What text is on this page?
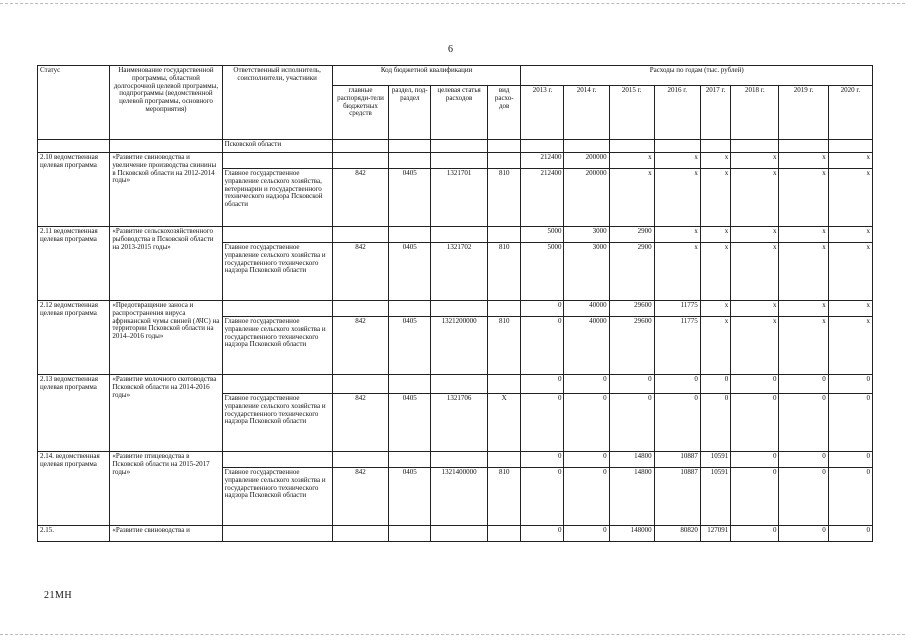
6
Статус	Наименование государственной программы, областной долгосрочной целевой программы, подпрограммы (ведомственной целевой программы, основного мероприятия)	Ответственный исполнитель, соисполнители, участники	Код бюджетной квалификации				Расходы по годам (тыс. рублей)							
			главные распоряди-тели бюджетных средств	раздел, под-раздел	целевая статья расходов	вид расхо-дов	2013 г.	2014 г.	2015 г.	2016 г.	2017 г.	2018 г.	2019 г.	2020 г.
		Псковской области												
2.10 ведомственная целевая программа	«Развитие свиноводства и увеличение производства свинины в Псковской области на 2012-2014 годы»						212400	200000	x	x	x	x	x	x
		Главное государственное управление сельского хозяйства, ветеринарии и государственного технического надзора Псковской области	842	0405	1321701	810	212400	200000	x	x	x	x	x	x
2.11 ведомственная целевая программа	«Развитие сельскохозяйственного рыбоводства в Псковской области на 2013-2015 годы»						5000	3000	2900	x	x	x	x	x
		Главное государственное управление сельского хозяйства и государственного технического надзора Псковской области	842	0405	1321702	810	5000	3000	2900	x	x	x	x	x
2.12 ведомственная целевая программа	«Предотвращение заноса и распространения вируса африканской чумы свиней (АЧС) на территории Псковской области на 2014–2016 годы»						0	40000	29600	11775	x	x	x	x
		Главное государственное управление сельского хозяйства и государственного технического надзора Псковской области	842	0405	1321200000	810	0	40000	29600	11775	x	x	x	x
2.13 ведомственная целевая программа	«Развитие молочного скотоводства Псковской области на 2014-2016 годы»						0	0	0	0	0	0	0	0
		Главное государственное управление сельского хозяйства и государственного технического надзора Псковской области	842	0405	1321706	X	0	0	0	0	0	0	0	0
2.14. ведомственная целевая программа	«Развитие птицеводства в Псковской области на 2015-2017 годы»						0	0	14800	10887	10591	0	0	0
		Главное государственное управление сельского хозяйства и государственного технического надзора Псковской области	842	0405	1321400000	810	0	0	14800	10887	10591	0	0	0
2.15.	«Развитие свиноводства и						0	0	148000	80820	127091	0	0	0
21МН
